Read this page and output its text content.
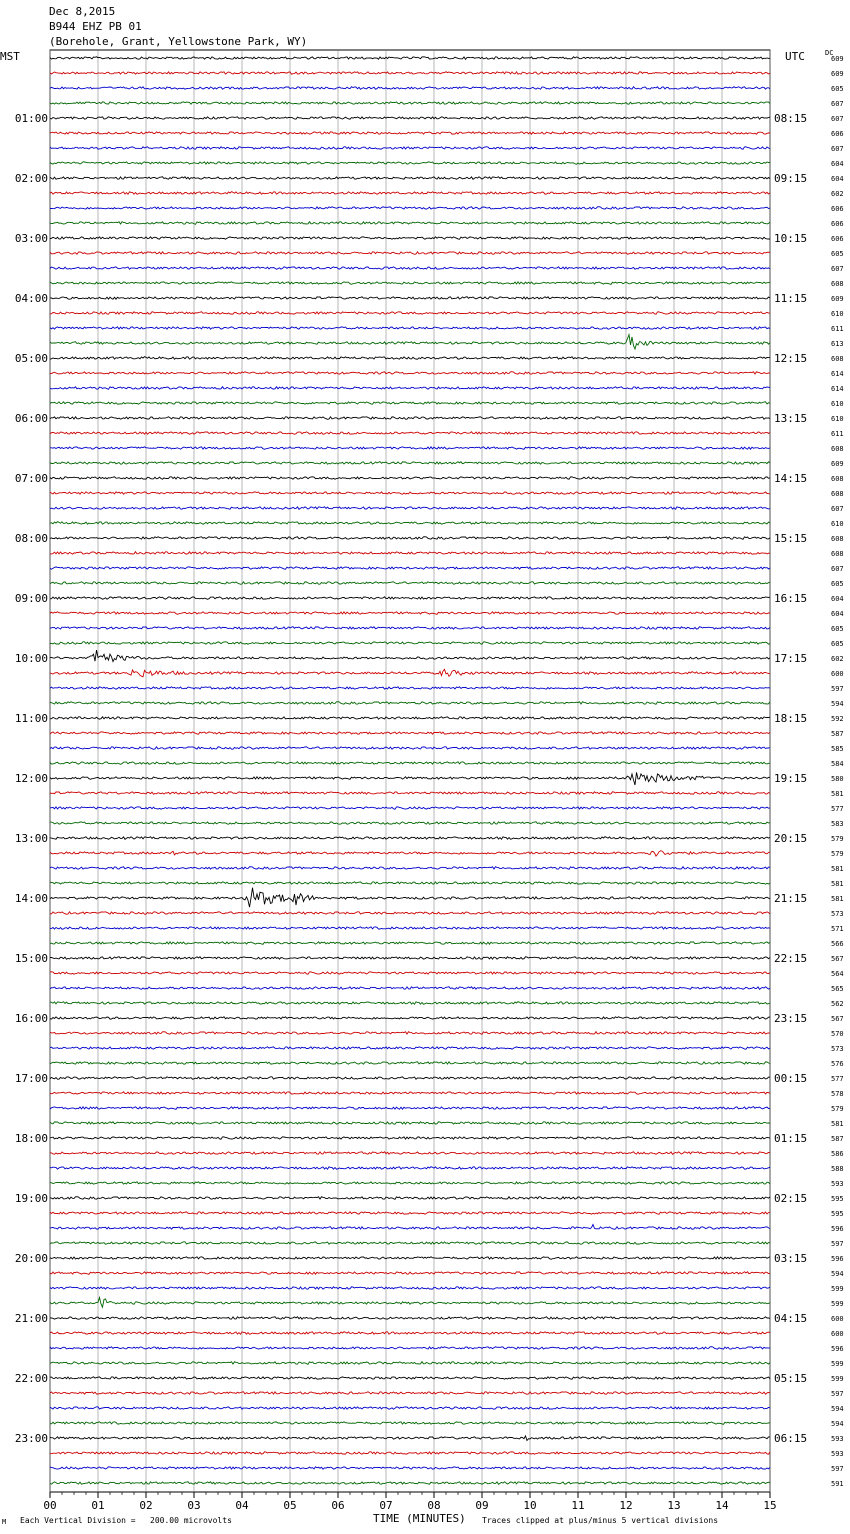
Dec 8,2015
B944 EHZ PB 01
(Borehole, Grant, Yellowstone Park, WY)
MST	UTC	DC
M Each Vertical Division = 200.00 microvolts	TIME (MINUTES) Traces clipped at plus/minus 5 vertical divisions
00	01	02	03	04	05	06	07	08	09	10	11	12	13	14	15
609
609
605
607
607
606
607
604
604
602
606
606
606
605
607
608
609
610
611
613
608
614
614
610
610
611
608
609
608
608
607
610
608
608
607
605
604
604
605
605
602
600
597
594
592
587
585
584
580
581
577
583
579
579
581
581
581
573
571
566
567
564
565
562
567
570
573
576
577
578
579
581
587
586
588
593
595
595
596
597
596
594
599
599
600
600
596
599
599
597
594
594
593
593
597
591
01:00	08:15
02:00	09:15
03:00	10:15
04:00	11:15
05:00	12:15
06:00	13:15
07:00	14:15
08:00	15:15
09:00	16:15
10:00	17:15
11:00	18:15
12:00	19:15
13:00	20:15
14:00	21:15
15:00	22:15
16:00	23:15
17:00	00:15
18:00	01:15
19:00	02:15
20:00	03:15
21:00	04:15
22:00	05:15
23:00	06:15
